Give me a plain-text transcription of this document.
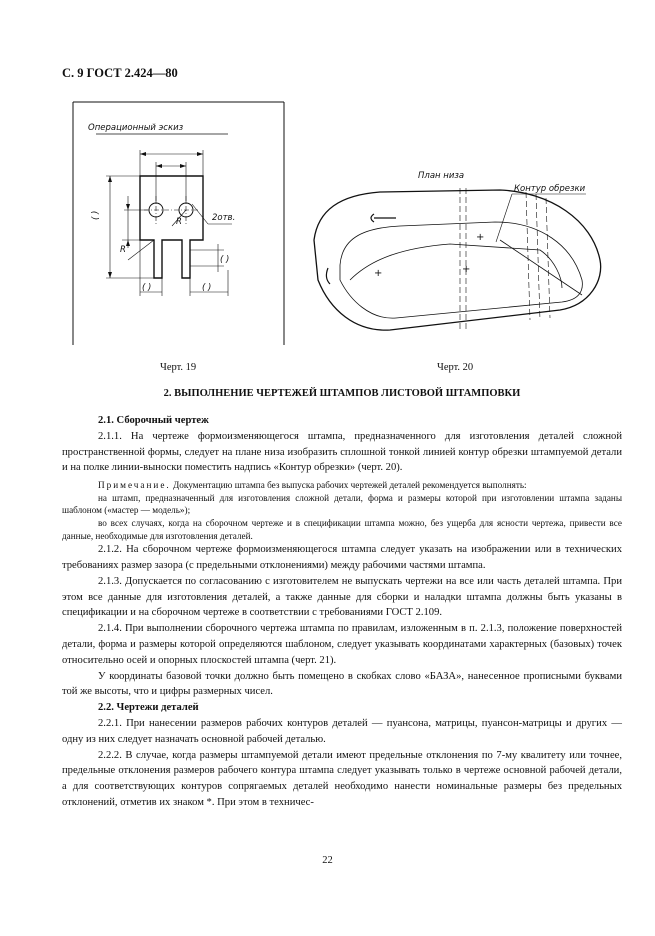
С. 9 ГОСТ 2.424—80
Операционный эскиз
2отв.
R
R
( )
( )
( )	( )
+
+
+
План низа
Контур обрезки
Черт. 19	Черт. 20
2. ВЫПОЛНЕНИЕ ЧЕРТЕЖЕЙ ШТАМПОВ ЛИСТОВОЙ ШТАМПОВКИ

2.1. Сборочный чертеж

2.1.1. На чертеже формоизменяющегося штампа, предназначенного для изготовления деталей сложной пространственной формы, следует на плане низа изобразить сплошной тонкой линией контур обрезки штампуемой детали и на полке линии-выноски поместить надпись «Контур обрезки» (черт. 20).

Примечание. Документацию штампа без выпуска рабочих чертежей деталей рекомендуется выполнять:

на штамп, предназначенный для изготовления сложной детали, форма и размеры которой при изготовлении штампа заданы шаблоном («мастер — модель»);

во всех случаях, когда на сборочном чертеже и в спецификации штампа можно, без ущерба для ясности чертежа, привести все данные, необходимые для изготовления деталей.

2.1.2. На сборочном чертеже формоизменяющегося штампа следует указать на изображении или в технических требованиях размер зазора (с предельными отклонениями) между рабочими частями штампа.

2.1.3. Допускается по согласованию с изготовителем не выпускать чертежи на все или часть деталей штампа. При этом все данные для изготовления деталей, а также данные для сборки и наладки штампа должны быть указаны в спецификации и на сборочном чертеже в соответствии с требованиями ГОСТ 2.109.

2.1.4. При выполнении сборочного чертежа штампа по правилам, изложенным в п. 2.1.3, положение поверхностей детали, форма и размеры которой определяются шаблоном, следует указывать координатами характерных (базовых) точек относительно осей и опорных плоскостей штампа (черт. 21).

У координаты базовой точки должно быть помещено в скобках слово «БАЗА», нанесенное прописными буквами той же высоты, что и цифры размерных чисел.

2.2. Чертежи деталей

2.2.1. При нанесении размеров рабочих контуров деталей — пуансона, матрицы, пуансон-матрицы и других — одну из них следует назначать основной рабочей деталью.

2.2.2. В случае, когда размеры штампуемой детали имеют предельные отклонения по 7-му квалитету или точнее, предельные отклонения размеров рабочего контура штампа следует указывать только в чертеже основной рабочей детали, а для соответствующих контуров сопрягаемых деталей необходимо нанести номинальные размеры без предельных отклонений, отметив их знаком *. При этом в техничес-

22
